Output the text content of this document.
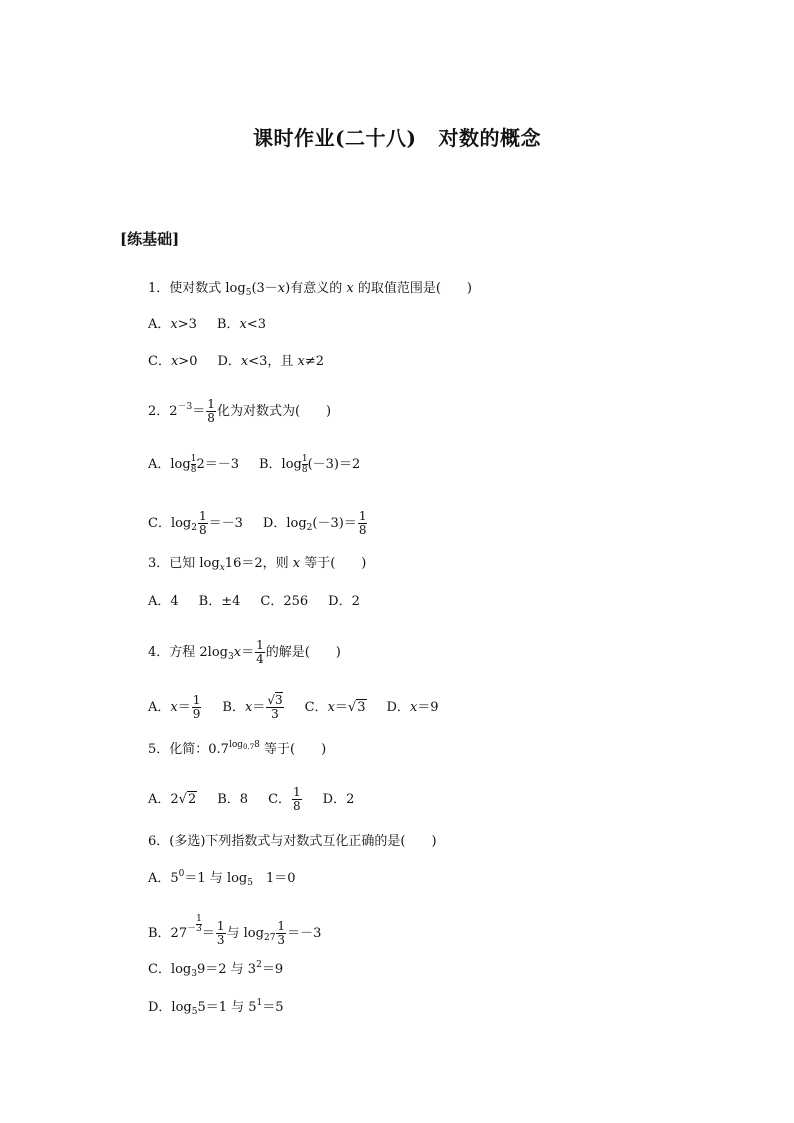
课时作业(二十八) 对数的概念
[练基础]
1．使对数式 $\log_5(3-x)$有意义的 x 的取值范围是(　　)
A．x>3 B．x<3
C．x>0 D．x<3，且 x≠2
2．$2^{-3}= \frac{1}{8}$ 化为对数式为(　　)
A．$\log \frac{1}{8} 2=-3$ B．$\log \frac{1}{8} (-3)=2$
C．$\log_2 \frac{1}{8} =-3$ D．$\log_2(-3)= \frac{1}{8}$
3．已知 $\log_x16=2$，则 x 等于(　　)
A．4 B．±4 C．256 D．2
4．方程 $2\log_3x= \frac{1}{4}$ 的解是(　　)
A．$x= \frac{1}{9}$ B．$x= \frac{√3}{3}$ C．x＝√3 D．x＝9
5．化简：$0.7^{log_{0.7}8}$ 等于(　　)
A．2√2 B．8 C． $\frac{1}{8}$ D．2
6．(多选)下列指数式与对数式互化正确的是(　　)
A．$5^0=1$ 与 $\log_5$　1＝0
B．$27^- \frac{1}{3} = \frac{1}{3}$ 与 $\log_{27} \frac{1}{3} =-3$
C．$\log_39=2$ 与 $3^2=9$
D．$\log_55=1$ 与 $5^1=5$
